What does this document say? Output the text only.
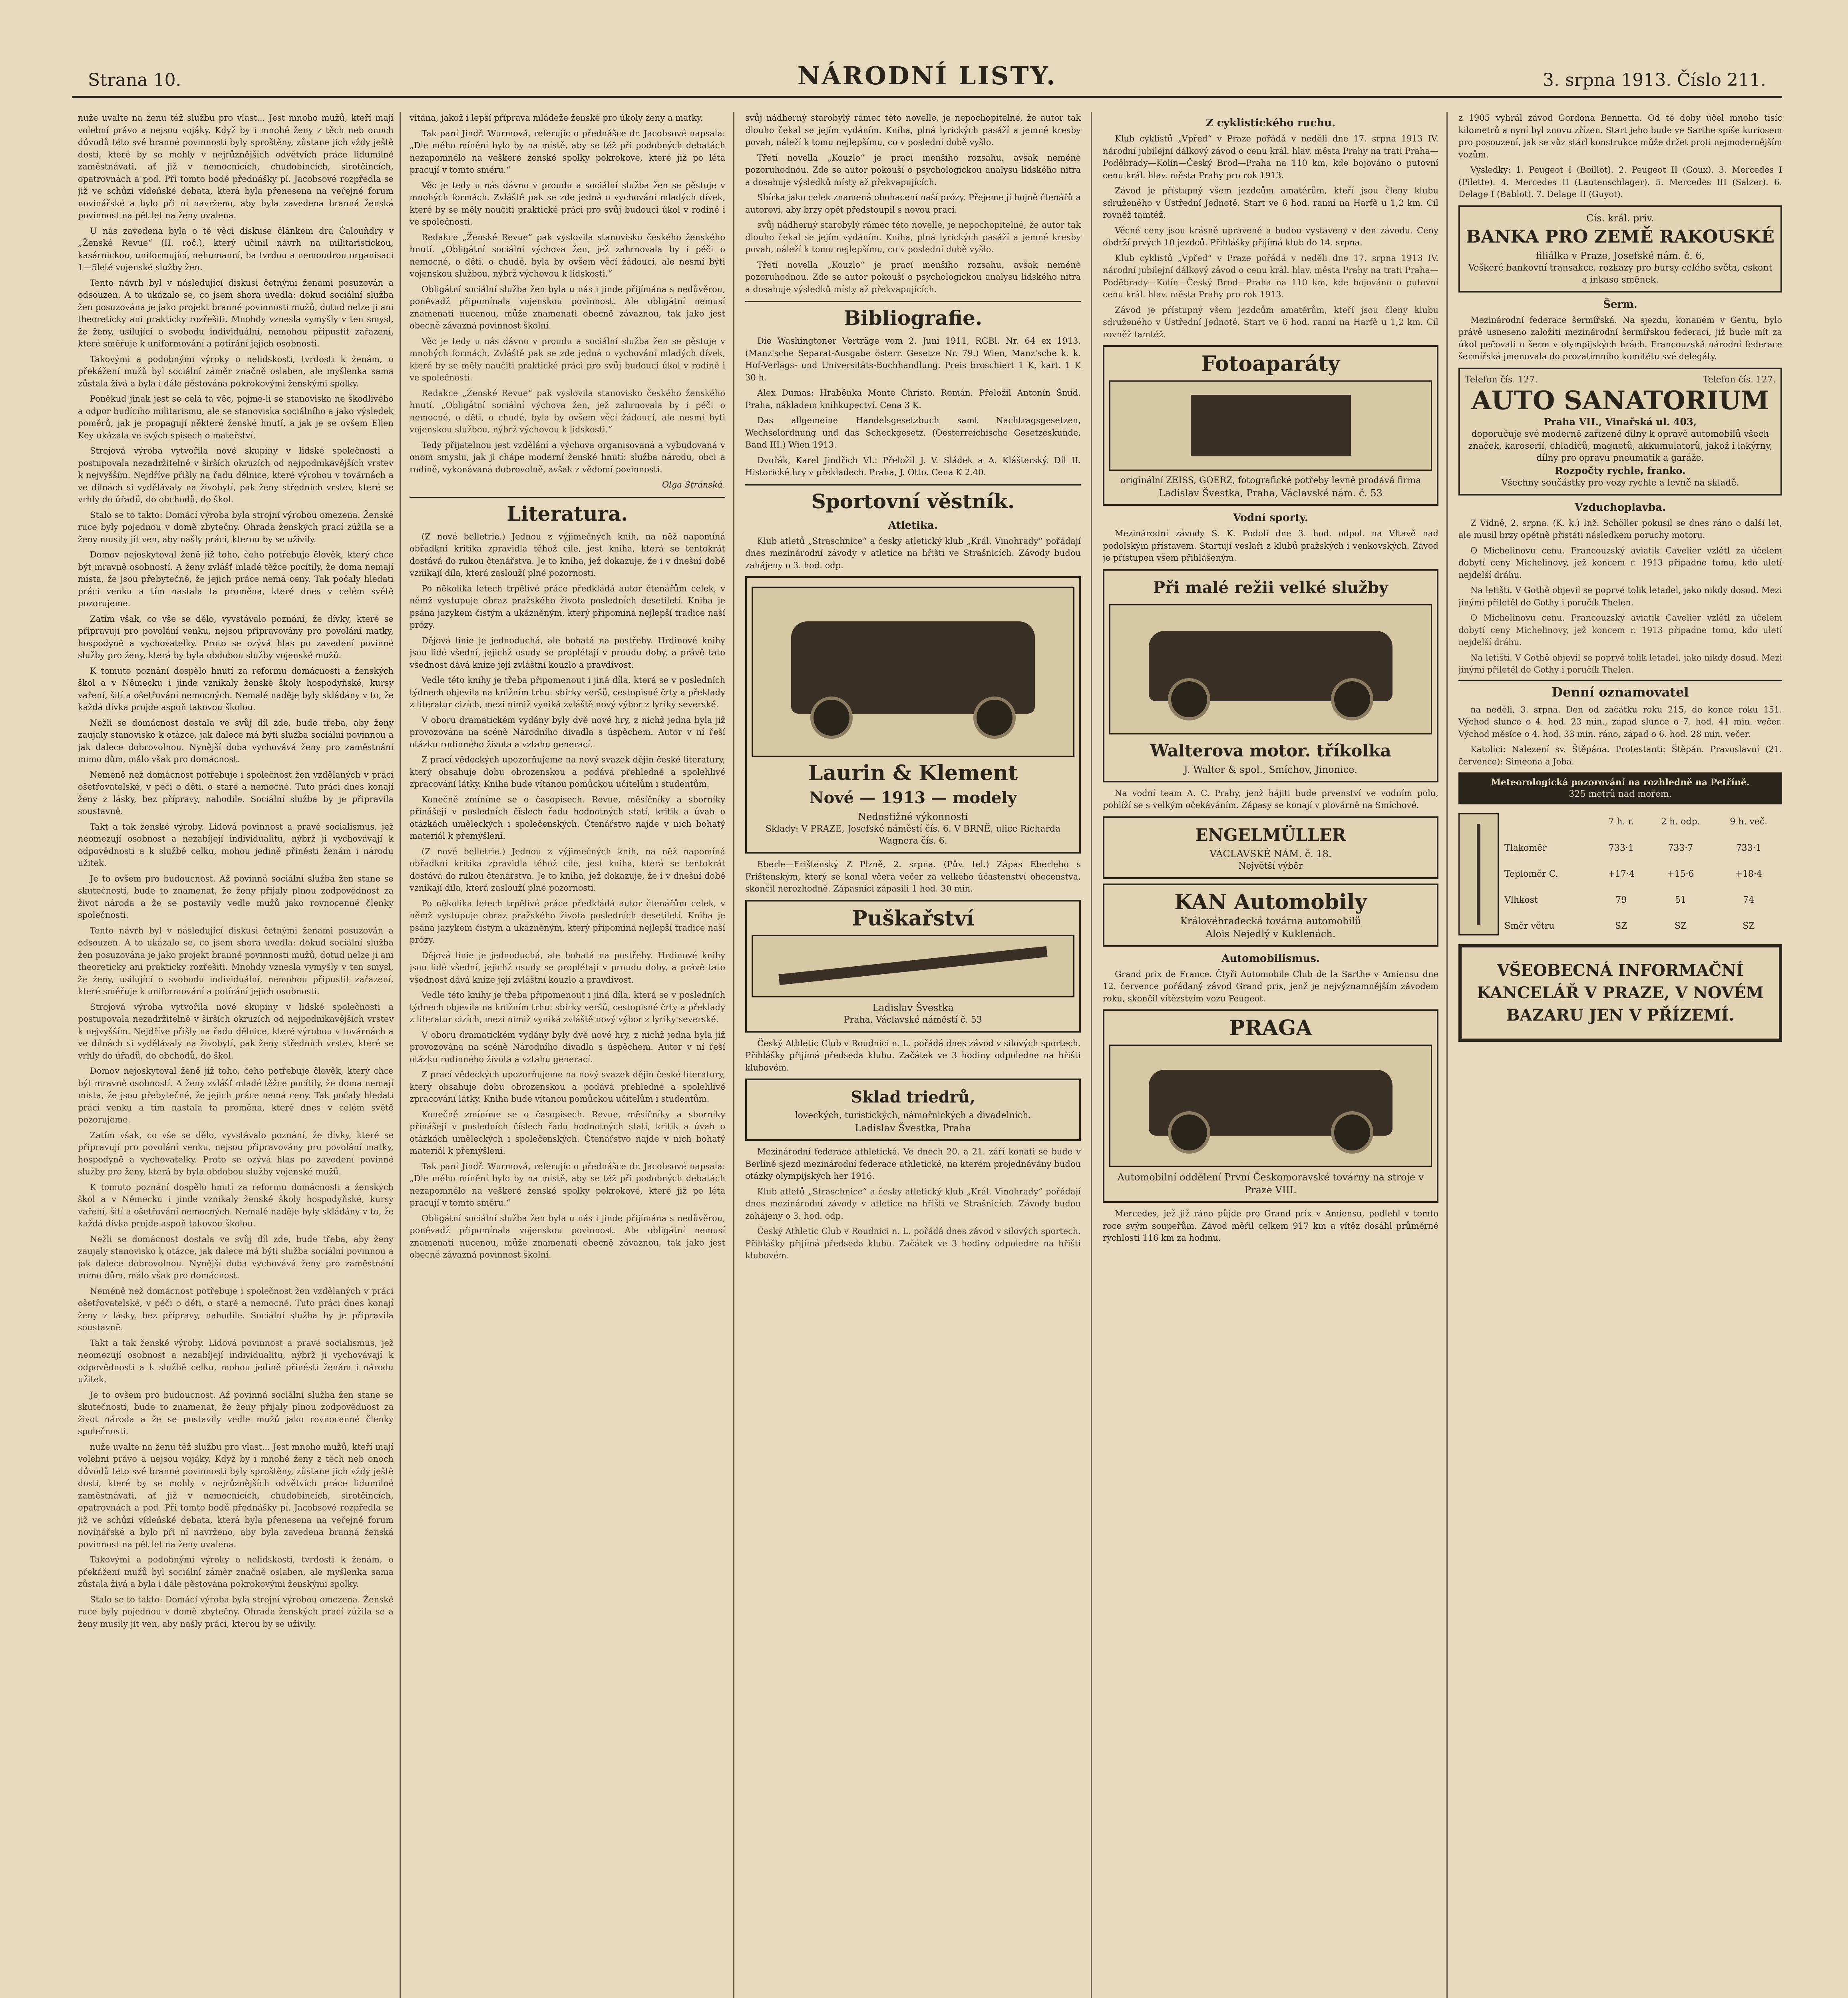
Strana 10.	NÁRODNÍ LISTY.	3. srpna 1913. Číslo 211.

nuže uvalte na ženu též službu pro vlast... Jest mnoho mužů, kteří mají volební právo a nejsou vojáky. Když by i mnohé ženy z těch neb onoch důvodů této své branné povinnosti byly sproštěny, zůstane jich vždy ještě dosti, které by se mohly v nejrůznějších odvětvích práce lidumilné zaměstnávati, ať již v nemocnicích, chudobincích, sirotčincích, opatrovnách a pod. Při tomto bodě přednášky pí. Jacobsové rozpředla se již ve schůzi vídeňské debata, která byla přenesena na veřejné forum novinářské a bylo při ní navrženo, aby byla zavedena branná ženská povinnost na pět let na ženy uvalena.

U nás zavedena byla o té věci diskuse článkem dra Čalouňdry v „Ženské Revue“ (II. roč.), který učinil návrh na militaristickou, kasárnickou, uniformující, nehumanní, ba tvrdou a nemoudrou organisaci 1—5leté vojenské služby žen.

Tento návrh byl v následující diskusi četnými ženami posuzován a odsouzen. A to ukázalo se, co jsem shora uvedla: dokud sociální služba žen posuzována je jako projekt branné povinnosti mužů, dotud nelze ji ani theoreticky ani prakticky rozřešiti. Mnohdy vznesla vymyšly v ten smysl, že ženy, usilující o svobodu individuální, nemohou připustit zařazení, které směřuje k uniformování a potírání jejich osobnosti.

Takovými a podobnými výroky o nelidskosti, tvrdosti k ženám, o překážení mužů byl sociální záměr značně oslaben, ale myšlenka sama zůstala živá a byla i dále pěstována pokrokovými ženskými spolky.

Poněkud jinak jest se celá ta věc, pojme-li se stanoviska ne škodlivého a odpor budícího militarismu, ale se stanoviska sociálního a jako výsledek poměrů, jak je propagují některé ženské hnutí, a jak je se ovšem Ellen Key ukázala ve svých spisech o mateřství.

Strojová výroba vytvořila nové skupiny v lidské společnosti a postupovala nezadržitelně v širších okruzích od nejpodnikavějších vrstev k nejvyšším. Nejdříve přišly na řadu dělnice, které výrobou v továrnách a ve dílnách si vydělávaly na živobytí, pak ženy středních vrstev, které se vrhly do úřadů, do obchodů, do škol.

Stalo se to takto: Domácí výroba byla strojní výrobou omezena. Ženské ruce byly pojednou v domě zbytečny. Ohrada ženských prací zúžila se a ženy musily jít ven, aby našly práci, kterou by se uživily.

Domov nejoskytoval ženě již toho, čeho potřebuje člověk, který chce být mravně osobností. A ženy zvlášť mladé těžce pocítily, že doma nemají místa, že jsou přebytečné, že jejich práce nemá ceny. Tak počaly hledati práci venku a tím nastala ta proměna, které dnes v celém světě pozorujeme.

Zatím však, co vše se dělo, vyvstávalo poznání, že dívky, které se připravují pro povolání venku, nejsou připravovány pro povolání matky, hospodyně a vychovatelky. Proto se ozývá hlas po zavedení povinné služby pro ženy, která by byla obdobou služby vojenské mužů.

K tomuto poznání dospělo hnutí za reformu domácnosti a ženských škol a v Německu i jinde vznikaly ženské školy hospodyňské, kursy vaření, šití a ošetřování nemocných. Nemalé naděje byly skládány v to, že každá dívka projde aspoň takovou školou.

Nežli se domácnost dostala ve svůj díl zde, bude třeba, aby ženy zaujaly stanovisko k otázce, jak dalece má býti služba sociální povinnou a jak dalece dobrovolnou. Nynější doba vychovává ženy pro zaměstnání mimo dům, málo však pro domácnost.

Neméně než domácnost potřebuje i společnost žen vzdělaných v práci ošetřovatelské, v péči o děti, o staré a nemocné. Tuto práci dnes konají ženy z lásky, bez přípravy, nahodile. Sociální služba by je připravila soustavně.

Takt a tak ženské výroby. Lidová povinnost a pravé socialismus, jež neomezují osobnost a nezabíjejí individualitu, nýbrž ji vychovávají k odpovědnosti a k službě celku, mohou jedině přinésti ženám i národu užitek.

Je to ovšem pro budoucnost. Až povinná sociální služba žen stane se skutečností, bude to znamenat, že ženy přijaly plnou zodpovědnost za život národa a že se postavily vedle mužů jako rovnocenné členky společnosti.

Tento návrh byl v následující diskusi četnými ženami posuzován a odsouzen. A to ukázalo se, co jsem shora uvedla: dokud sociální služba žen posuzována je jako projekt branné povinnosti mužů, dotud nelze ji ani theoreticky ani prakticky rozřešiti. Mnohdy vznesla vymyšly v ten smysl, že ženy, usilující o svobodu individuální, nemohou připustit zařazení, které směřuje k uniformování a potírání jejich osobnosti.

Strojová výroba vytvořila nové skupiny v lidské společnosti a postupovala nezadržitelně v širších okruzích od nejpodnikavějších vrstev k nejvyšším. Nejdříve přišly na řadu dělnice, které výrobou v továrnách a ve dílnách si vydělávaly na živobytí, pak ženy středních vrstev, které se vrhly do úřadů, do obchodů, do škol.

Domov nejoskytoval ženě již toho, čeho potřebuje člověk, který chce být mravně osobností. A ženy zvlášť mladé těžce pocítily, že doma nemají místa, že jsou přebytečné, že jejich práce nemá ceny. Tak počaly hledati práci venku a tím nastala ta proměna, které dnes v celém světě pozorujeme.

Zatím však, co vše se dělo, vyvstávalo poznání, že dívky, které se připravují pro povolání venku, nejsou připravovány pro povolání matky, hospodyně a vychovatelky. Proto se ozývá hlas po zavedení povinné služby pro ženy, která by byla obdobou služby vojenské mužů.

K tomuto poznání dospělo hnutí za reformu domácnosti a ženských škol a v Německu i jinde vznikaly ženské školy hospodyňské, kursy vaření, šití a ošetřování nemocných. Nemalé naděje byly skládány v to, že každá dívka projde aspoň takovou školou.

Nežli se domácnost dostala ve svůj díl zde, bude třeba, aby ženy zaujaly stanovisko k otázce, jak dalece má býti služba sociální povinnou a jak dalece dobrovolnou. Nynější doba vychovává ženy pro zaměstnání mimo dům, málo však pro domácnost.

Neméně než domácnost potřebuje i společnost žen vzdělaných v práci ošetřovatelské, v péči o děti, o staré a nemocné. Tuto práci dnes konají ženy z lásky, bez přípravy, nahodile. Sociální služba by je připravila soustavně.

Takt a tak ženské výroby. Lidová povinnost a pravé socialismus, jež neomezují osobnost a nezabíjejí individualitu, nýbrž ji vychovávají k odpovědnosti a k službě celku, mohou jedině přinésti ženám i národu užitek.

Je to ovšem pro budoucnost. Až povinná sociální služba žen stane se skutečností, bude to znamenat, že ženy přijaly plnou zodpovědnost za život národa a že se postavily vedle mužů jako rovnocenné členky společnosti.

nuže uvalte na ženu též službu pro vlast... Jest mnoho mužů, kteří mají volební právo a nejsou vojáky. Když by i mnohé ženy z těch neb onoch důvodů této své branné povinnosti byly sproštěny, zůstane jich vždy ještě dosti, které by se mohly v nejrůznějších odvětvích práce lidumilné zaměstnávati, ať již v nemocnicích, chudobincích, sirotčincích, opatrovnách a pod. Při tomto bodě přednášky pí. Jacobsové rozpředla se již ve schůzi vídeňské debata, která byla přenesena na veřejné forum novinářské a bylo při ní navrženo, aby byla zavedena branná ženská povinnost na pět let na ženy uvalena.

Takovými a podobnými výroky o nelidskosti, tvrdosti k ženám, o překážení mužů byl sociální záměr značně oslaben, ale myšlenka sama zůstala živá a byla i dále pěstována pokrokovými ženskými spolky.

Stalo se to takto: Domácí výroba byla strojní výrobou omezena. Ženské ruce byly pojednou v domě zbytečny. Ohrada ženských prací zúžila se a ženy musily jít ven, aby našly práci, kterou by se uživily.

vitána, jakož i lepší příprava mládeže ženské pro úkoly ženy a matky.

Tak paní Jindř. Wurmová, referujíc o přednášce dr. Jacobsové napsala: „Dle mého mínění bylo by na místě, aby se též při podobných debatách nezapomnělo na veškeré ženské spolky pokrokové, které již po léta pracují v tomto směru.“

Věc je tedy u nás dávno v proudu a sociální služba žen se pěstuje v mnohých formách. Zvláště pak se zde jedná o vychování mladých dívek, které by se měly naučiti praktické práci pro svůj budoucí úkol v rodině i ve společnosti.

Redakce „Ženské Revue“ pak vyslovila stanovisko českého ženského hnutí. „Obligátní sociální výchova žen, jež zahrnovala by i péči o nemocné, o děti, o chudé, byla by ovšem věcí žádoucí, ale nesmí býti vojenskou službou, nýbrž výchovou k lidskosti.“

Obligátní sociální služba žen byla u nás i jinde přijímána s nedůvěrou, poněvadž připomínala vojenskou povinnost. Ale obligátní nemusí znamenati nucenou, může znamenati obecně závaznou, tak jako jest obecně závazná povinnost školní.

Věc je tedy u nás dávno v proudu a sociální služba žen se pěstuje v mnohých formách. Zvláště pak se zde jedná o vychování mladých dívek, které by se měly naučiti praktické práci pro svůj budoucí úkol v rodině i ve společnosti.

Redakce „Ženské Revue“ pak vyslovila stanovisko českého ženského hnutí. „Obligátní sociální výchova žen, jež zahrnovala by i péči o nemocné, o děti, o chudé, byla by ovšem věcí žádoucí, ale nesmí býti vojenskou službou, nýbrž výchovou k lidskosti.“

Tedy přijatelnou jest vzdělání a výchova organisovaná a vybudovaná v onom smyslu, jak ji chápe moderní ženské hnutí: služba národu, obci a rodině, vykonávaná dobrovolně, avšak z vědomí povinnosti.

Olga Stránská.

Literatura.

(Z nové belletrie.) Jednou z výjimečných knih, na něž napomíná obřadkní kritika zpravidla téhož cíle, jest kniha, která se tentokrát dostává do rukou čtenářstva. Je to kniha, jež dokazuje, že i v dnešní době vznikají díla, která zaslouží plné pozornosti.

Po několika letech trpělivé práce předkládá autor čtenářům celek, v němž vystupuje obraz pražského života posledních desetiletí. Kniha je psána jazykem čistým a ukázněným, který připomíná nejlepší tradice naší prózy.

Dějová linie je jednoduchá, ale bohatá na postřehy. Hrdinové knihy jsou lidé všední, jejichž osudy se proplétají v proudu doby, a právě tato všednost dává knize její zvláštní kouzlo a pravdivost.

Vedle této knihy je třeba připomenout i jiná díla, která se v posledních týdnech objevila na knižním trhu: sbírky veršů, cestopisné črty a překlady z literatur cizích, mezi nimiž vyniká zvláště nový výbor z lyriky severské.

V oboru dramatickém vydány byly dvě nové hry, z nichž jedna byla již provozována na scéně Národního divadla s úspěchem. Autor v ní řeší otázku rodinného života a vztahu generací.

Z prací vědeckých upozorňujeme na nový svazek dějin české literatury, který obsahuje dobu obrozenskou a podává přehledné a spolehlivé zpracování látky. Kniha bude vítanou pomůckou učitelům i studentům.

Konečně zmíníme se o časopisech. Revue, měsíčníky a sborníky přinášejí v posledních číslech řadu hodnotných statí, kritik a úvah o otázkách uměleckých i společenských. Čtenářstvo najde v nich bohatý materiál k přemýšlení.

(Z nové belletrie.) Jednou z výjimečných knih, na něž napomíná obřadkní kritika zpravidla téhož cíle, jest kniha, která se tentokrát dostává do rukou čtenářstva. Je to kniha, jež dokazuje, že i v dnešní době vznikají díla, která zaslouží plné pozornosti.

Po několika letech trpělivé práce předkládá autor čtenářům celek, v němž vystupuje obraz pražského života posledních desetiletí. Kniha je psána jazykem čistým a ukázněným, který připomíná nejlepší tradice naší prózy.

Dějová linie je jednoduchá, ale bohatá na postřehy. Hrdinové knihy jsou lidé všední, jejichž osudy se proplétají v proudu doby, a právě tato všednost dává knize její zvláštní kouzlo a pravdivost.

Vedle této knihy je třeba připomenout i jiná díla, která se v posledních týdnech objevila na knižním trhu: sbírky veršů, cestopisné črty a překlady z literatur cizích, mezi nimiž vyniká zvláště nový výbor z lyriky severské.

V oboru dramatickém vydány byly dvě nové hry, z nichž jedna byla již provozována na scéně Národního divadla s úspěchem. Autor v ní řeší otázku rodinného života a vztahu generací.

Z prací vědeckých upozorňujeme na nový svazek dějin české literatury, který obsahuje dobu obrozenskou a podává přehledné a spolehlivé zpracování látky. Kniha bude vítanou pomůckou učitelům i studentům.

Konečně zmíníme se o časopisech. Revue, měsíčníky a sborníky přinášejí v posledních číslech řadu hodnotných statí, kritik a úvah o otázkách uměleckých i společenských. Čtenářstvo najde v nich bohatý materiál k přemýšlení.

Tak paní Jindř. Wurmová, referujíc o přednášce dr. Jacobsové napsala: „Dle mého mínění bylo by na místě, aby se též při podobných debatách nezapomnělo na veškeré ženské spolky pokrokové, které již po léta pracují v tomto směru.“

Obligátní sociální služba žen byla u nás i jinde přijímána s nedůvěrou, poněvadž připomínala vojenskou povinnost. Ale obligátní nemusí znamenati nucenou, může znamenati obecně závaznou, tak jako jest obecně závazná povinnost školní.

svůj nádherný starobylý rámec této novelle, je nepochopitelné, že autor tak dlouho čekal se jejím vydáním. Kniha, plná lyrických pasáží a jemné kresby povah, náleží k tomu nejlepšímu, co v poslední době vyšlo.

Třetí novella „Kouzlo“ je prací menšího rozsahu, avšak neméně pozoruhodnou. Zde se autor pokouší o psychologickou analysu lidského nitra a dosahuje výsledků místy až překvapujících.

Sbírka jako celek znamená obohacení naší prózy. Přejeme jí hojně čtenářů a autorovi, aby brzy opět předstoupil s novou prací.

svůj nádherný starobylý rámec této novelle, je nepochopitelné, že autor tak dlouho čekal se jejím vydáním. Kniha, plná lyrických pasáží a jemné kresby povah, náleží k tomu nejlepšímu, co v poslední době vyšlo.

Třetí novella „Kouzlo“ je prací menšího rozsahu, avšak neméně pozoruhodnou. Zde se autor pokouší o psychologickou analysu lidského nitra a dosahuje výsledků místy až překvapujících.

Bibliografie.

Die Washingtoner Verträge vom 2. Juni 1911, RGBl. Nr. 64 ex 1913. (Manz'sche Separat-Ausgabe österr. Gesetze Nr. 79.) Wien, Manz'sche k. k. Hof-Verlags- und Universitäts-Buchhandlung. Preis broschiert 1 K, kart. 1 K 30 h.

Alex Dumas: Hraběnka Monte Christo. Román. Přeložil Antonín Šmíd. Praha, nákladem knihkupectví. Cena 3 K.

Das allgemeine Handelsgesetzbuch samt Nachtragsgesetzen, Wechselordnung und das Scheckgesetz. (Oesterreichische Gesetzeskunde, Band III.) Wien 1913.

Dvořák, Karel Jindřich Vl.: Přeložil J. V. Sládek a A. Klášterský. Díl II. Historické hry v překladech. Praha, J. Otto. Cena K 2.40.

Sportovní věstník.
Atletika.

Klub atletů „Straschnice“ a česky atletický klub „Král. Vinohrady“ pořádají dnes mezinárodní závody v atletice na hřišti ve Strašnicích. Závody budou zahájeny o 3. hod. odp.

Laurin & Klement
Nové — 1913 — modely
Nedostižné výkonnosti
Sklady: V PRAZE, Josefské náměstí čís. 6. V BRNĚ, ulice Richarda Wagnera čís. 6.

Eberle—Frištenský Z Plzně, 2. srpna. (Pův. tel.) Zápas Eberleho s Frištenským, který se konal včera večer za velkého účastenství obecenstva, skončil nerozhodně. Zápasníci zápasili 1 hod. 30 min.

Puškařství
Ladislav Švestka
Praha, Václavské náměstí č. 53

Český Athletic Club v Roudnici n. L. pořádá dnes závod v silových sportech. Přihlášky přijímá předseda klubu. Začátek ve 3 hodiny odpoledne na hřišti klubovém.

Sklad triedrů,
loveckých, turistických, námořnických a divadelních.
Ladislav Švestka, Praha

Mezinárodní federace athletická. Ve dnech 20. a 21. září konati se bude v Berlíně sjezd mezinárodní federace athletické, na kterém projednávány budou otázky olympijských her 1916.

Klub atletů „Straschnice“ a česky atletický klub „Král. Vinohrady“ pořádají dnes mezinárodní závody v atletice na hřišti ve Strašnicích. Závody budou zahájeny o 3. hod. odp.

Český Athletic Club v Roudnici n. L. pořádá dnes závod v silových sportech. Přihlášky přijímá předseda klubu. Začátek ve 3 hodiny odpoledne na hřišti klubovém.

Z cyklistického ruchu.

Klub cyklistů „Vpřed“ v Praze pořádá v neděli dne 17. srpna 1913 IV. národní jubilejní dálkový závod o cenu král. hlav. města Prahy na trati Praha—Poděbrady—Kolín—Český Brod—Praha na 110 km, kde bojováno o putovní cenu král. hlav. města Prahy pro rok 1913.

Závod je přístupný všem jezdcům amatérům, kteří jsou členy klubu sdruženého v Ústřední Jednotě. Start ve 6 hod. ranní na Harfě u 1,2 km. Cíl rovněž tamtéž.

Věcné ceny jsou krásně upravené a budou vystaveny v den závodu. Ceny obdrží prvých 10 jezdců. Přihlášky přijímá klub do 14. srpna.

Klub cyklistů „Vpřed“ v Praze pořádá v neděli dne 17. srpna 1913 IV. národní jubilejní dálkový závod o cenu král. hlav. města Prahy na trati Praha—Poděbrady—Kolín—Český Brod—Praha na 110 km, kde bojováno o putovní cenu král. hlav. města Prahy pro rok 1913.

Závod je přístupný všem jezdcům amatérům, kteří jsou členy klubu sdruženého v Ústřední Jednotě. Start ve 6 hod. ranní na Harfě u 1,2 km. Cíl rovněž tamtéž.

Fotoaparáty
originální ZEISS, GOERZ, fotografické potřeby levně prodává firma
Ladislav Švestka, Praha, Václavské nám. č. 53
Vodní sporty.

Mezinárodní závody S. K. Podolí dne 3. hod. odpol. na Vltavě nad podolským přístavem. Startují veslaři z klubů pražských i venkovských. Závod je přístupen všem přihlášeným.

Při malé režii velké služby
Walterova motor. tříkolka
J. Walter & spol., Smíchov, Jinonice.

Na vodní team A. C. Prahy, jenž hájiti bude prvenství ve vodním polu, pohlíží se s velkým očekáváním. Zápasy se konají v plovárně na Smíchově.

ENGELMÜLLER
VÁCLAVSKÉ NÁM. č. 18.
Největší výběr
KAN Automobily
Královéhradecká továrna automobilů
Alois Nejedlý v Kuklenách.
Automobilismus.

Grand prix de France. Čtyři Automobile Club de la Sarthe v Amiensu dne 12. července pořádaný závod Grand prix, jenž je nejvýznamnějším závodem roku, skončil vítězstvím vozu Peugeot.

PRAGA
Automobilní oddělení První Českomoravské továrny na stroje v Praze VIII.

Mercedes, jež již ráno půjde pro Grand prix v Amiensu, podlehl v tomto roce svým soupeřům. Závod měřil celkem 917 km a vítěz dosáhl průměrné rychlosti 116 km za hodinu.

z 1905 vyhrál závod Gordona Bennetta. Od té doby účel mnoho tisíc kilometrů a nyní byl znovu zřízen. Start jeho bude ve Sarthe spíše kuriosem pro posouzení, jak se vůz stárl konstrukce může držet proti nejmodernějším vozům.

Výsledky: 1. Peugeot I (Boillot). 2. Peugeot II (Goux). 3. Mercedes I (Pilette). 4. Mercedes II (Lautenschlager). 5. Mercedes III (Salzer). 6. Delage I (Bablot). 7. Delage II (Guyot).

Cís. král. priv.
BANKA PRO ZEMĚ RAKOUSKÉ
filiálka v Praze, Josefské nám. č. 6,
Veškeré bankovní transakce, rozkazy pro bursy celého světa, eskont a inkaso směnek.
Šerm.

Mezinárodní federace šermířská. Na sjezdu, konaném v Gentu, bylo právě usneseno založiti mezinárodní šermířskou federaci, již bude mít za úkol pečovati o šerm v olympijských hrách. Francouzská národní federace šermířská jmenovala do prozatímního komitétu své delegáty.

Telefon čís. 127.	Telefon čís. 127.
AUTO SANATORIUM
Praha VII., Vinařská ul. 403,
doporučuje své moderně zařízené dílny k opravě automobilů všech značek, karoserií, chladičů, magnetů, akkumulatorů, jakož i lakýrny, dílny pro opravu pneumatik a garáže.
Rozpočty rychle, franko.
Všechny součástky pro vozy rychle a levně na skladě.
Vzduchoplavba.

Z Vídně, 2. srpna. (K. k.) Inž. Schöller pokusil se dnes ráno o další let, ale musil brzy opětně přistáti následkem poruchy motoru.

O Michelinovu cenu. Francouzský aviatik Cavelier vzlétl za účelem dobytí ceny Michelinovy, jež koncem r. 1913 připadne tomu, kdo uletí nejdelší dráhu.

Na letišti. V Gothě objevil se poprvé tolik letadel, jako nikdy dosud. Mezi jinými přiletěl do Gothy i poručík Thelen.

O Michelinovu cenu. Francouzský aviatik Cavelier vzlétl za účelem dobytí ceny Michelinovy, jež koncem r. 1913 připadne tomu, kdo uletí nejdelší dráhu.

Na letišti. V Gothě objevil se poprvé tolik letadel, jako nikdy dosud. Mezi jinými přiletěl do Gothy i poručík Thelen.

Denní oznamovatel

na neděli, 3. srpna. Den od začátku roku 215, do konce roku 151. Východ slunce o 4. hod. 23 min., západ slunce o 7. hod. 41 min. večer. Východ měsíce o 4. hod. 33 min. ráno, západ o 6. hod. 28 min. večer.

Katolíci: Nalezení sv. Štěpána. Protestanti: Štěpán. Pravoslavní (21. července): Simeona a Joba.

Meteorologická pozorování na rozhledně na Petříně.
325 metrů nad mořem.
	7 h. r.	2 h. odp.	9 h. več.
Tlakoměr	733·1	733·7	733·1
Teploměr C.	+17·4	+15·6	+18·4
Vlhkost	79	51	74
Směr větru	SZ	SZ	SZ
VŠEOBECNÁ INFORMAČNÍ KANCELÁŘ V PRAZE, V NOVÉM BAZARU JEN V PŘÍZEMÍ.
